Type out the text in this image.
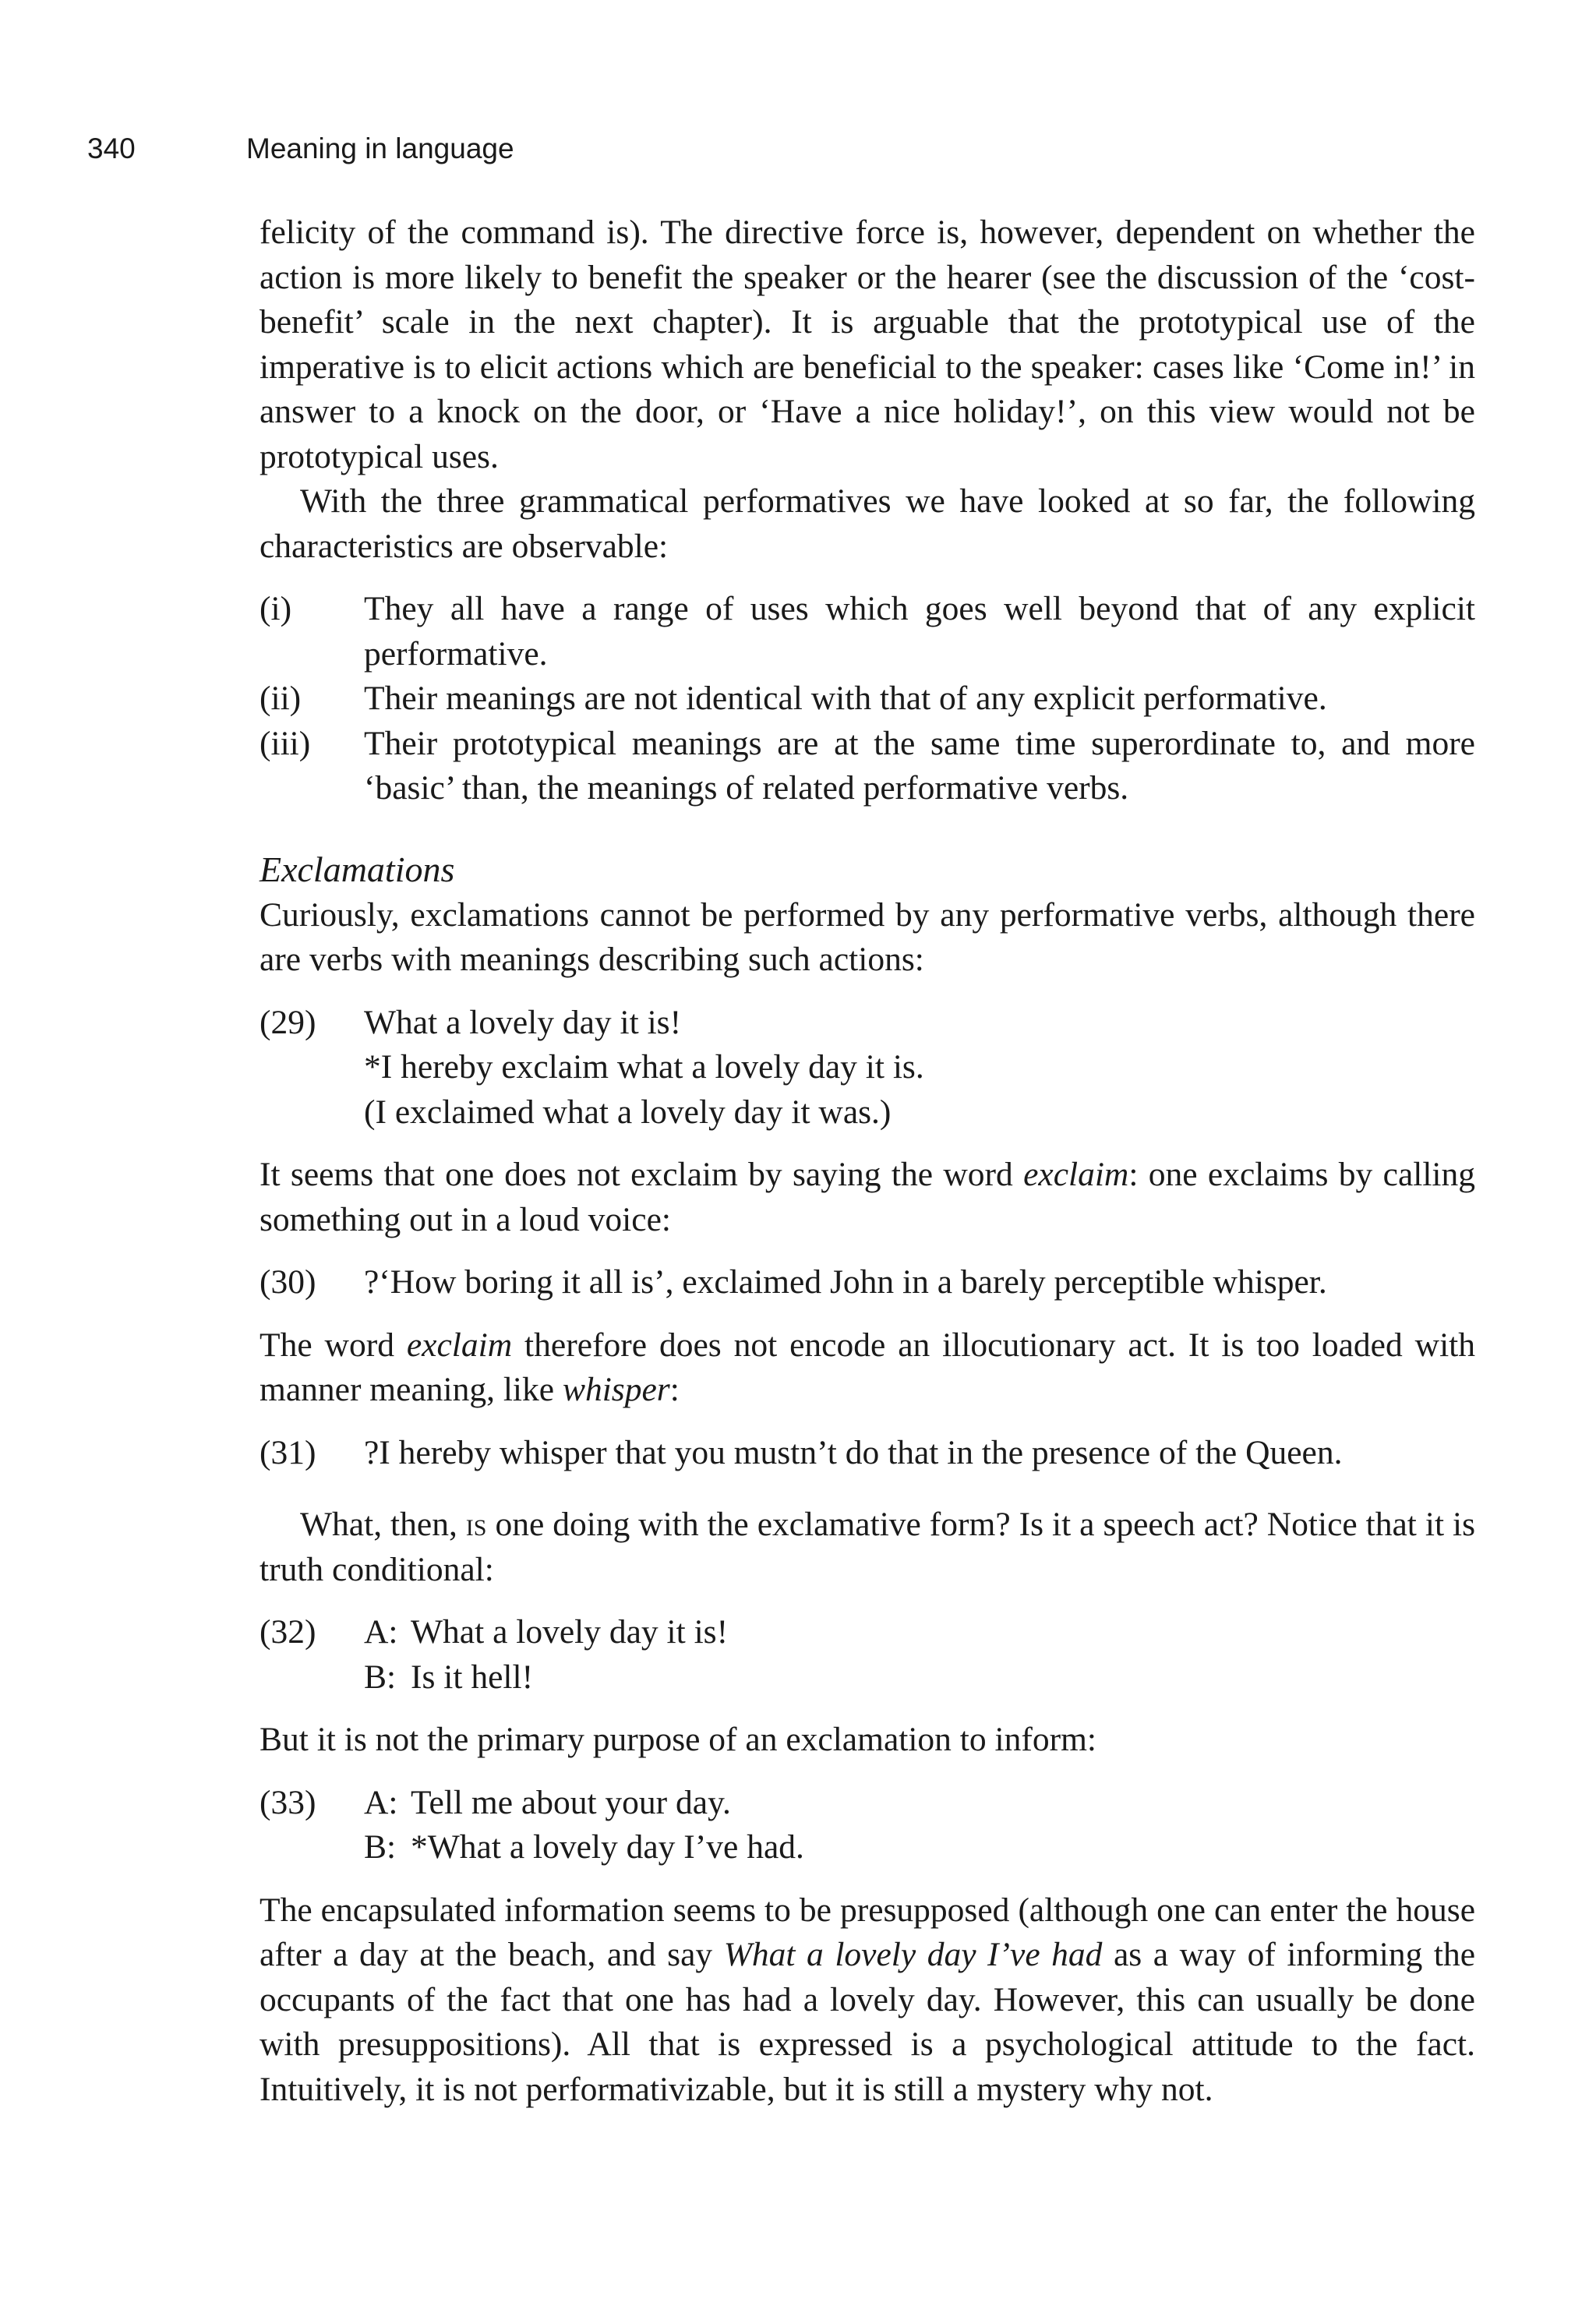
340	Meaning in language

felicity of the command is). The directive force is, however, dependent on whether the action is more likely to benefit the speaker or the hearer (see the discussion of the ‘cost-benefit’ scale in the next chapter). It is arguable that the prototypical use of the imperative is to elicit actions which are beneficial to the speaker: cases like ‘Come in!’ in answer to a knock on the door, or ‘Have a nice holiday!’, on this view would not be prototypical uses.

With the three grammatical performatives we have looked at so far, the following characteristics are observable:

(i)	They all have a range of uses which goes well beyond that of any explicit performative.
(ii)	Their meanings are not identical with that of any explicit performative.
(iii)	Their prototypical meanings are at the same time superordinate to, and more ‘basic’ than, the meanings of related performative verbs.
Exclamations

Curiously, exclamations cannot be performed by any performative verbs, although there are verbs with meanings describing such actions:

(29)	What a lovely day it is!
*I hereby exclaim what a lovely day it is.
(I exclaimed what a lovely day it was.)

It seems that one does not exclaim by saying the word exclaim: one exclaims by calling something out in a loud voice:

(30)	?‘How boring it all is’, exclaimed John in a barely perceptible whisper.

The word exclaim therefore does not encode an illocutionary act. It is too loaded with manner meaning, like whisper:

(31)	?I hereby whisper that you mustn’t do that in the presence of the Queen.

What, then, is one doing with the exclamative form? Is it a speech act? Notice that it is truth conditional:

(32)	A: What a lovely day it is!
B: Is it hell!

But it is not the primary purpose of an exclamation to inform:

(33)	A: Tell me about your day.
B: *What a lovely day I’ve had.

The encapsulated information seems to be presupposed (although one can enter the house after a day at the beach, and say What a lovely day I’ve had as a way of informing the occupants of the fact that one has had a lovely day. However, this can usually be done with presuppositions). All that is expressed is a psychological attitude to the fact. Intuitively, it is not performativizable, but it is still a mystery why not.
